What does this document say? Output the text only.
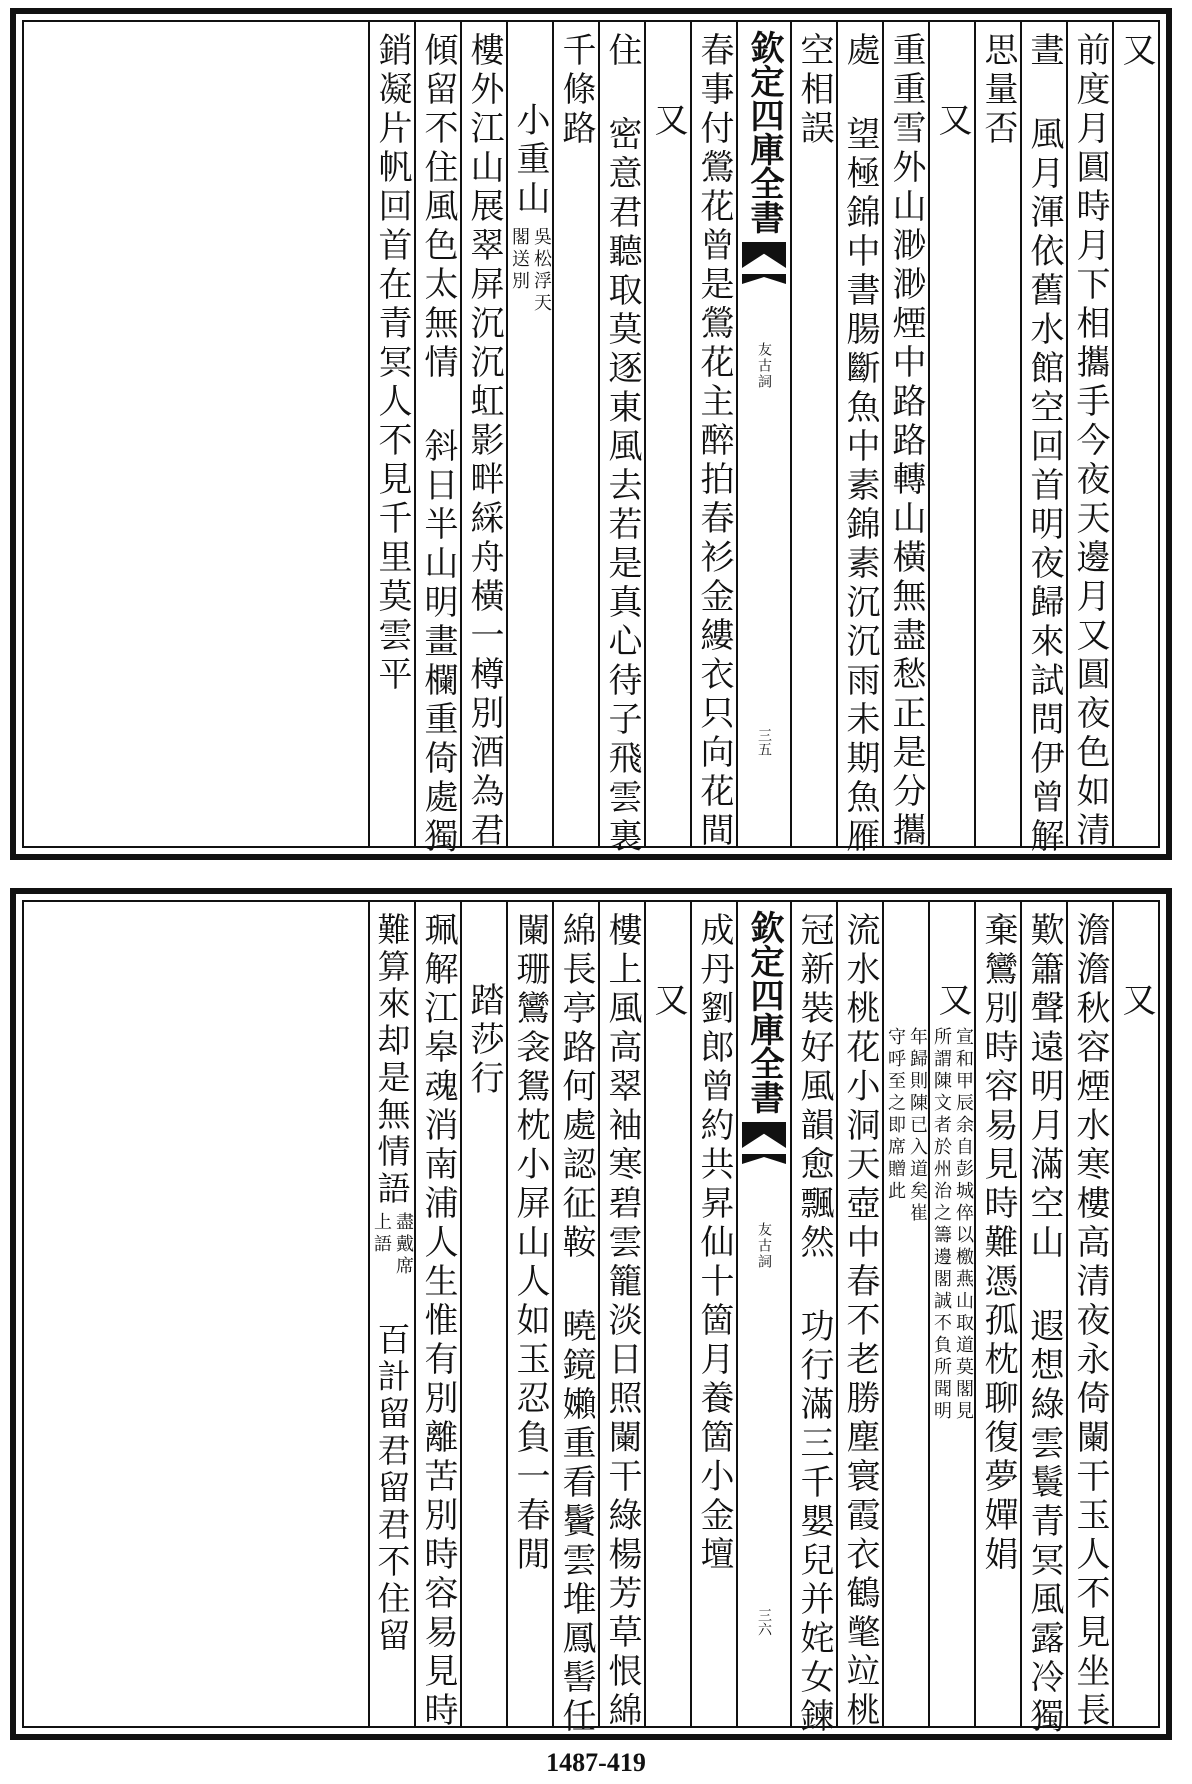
又
前度月圓時月下相攜手今夜天邊月又圓夜色如清
晝 風月渾依舊水館空回首明夜歸來試問伊曾解
思量否
又
重重雪外山渺渺煙中路路轉山橫無盡愁正是分攜
處 望極錦中書腸斷魚中素錦素沉沉雨未期魚雁
空相誤
欽定四庫全書
友古詞
三五
春事付鶯花曾是鶯花主醉拍春衫金縷衣只向花間
又
住 密意君聽取莫逐東風去若是真心待子飛雲裏
千條路
小重山
閣送別 吳松浮天
樓外江山展翠屏沉沉虹影畔綵舟橫一樽別酒為君
傾留不住風色太無情 斜日半山明畫欄重倚處獨
銷凝片帆回首在青冥人不見千里莫雲平
又
澹澹秋容煙水寒樓高清夜永倚闌干玉人不見坐長
歎簫聲遠明月滿空山 遐想綠雲鬟青冥風露冷獨
棄鸞別時容易見時難憑孤枕聊復夢嬋娟
又
所謂陳文者於州治之籌邊閣誠不負所聞明 宣和甲辰余自彭城倅以檄燕山取道莫閣見
守呼至之即席贈此 年歸則陳已入道矣崔
流水桃花小洞天壺中春不老勝塵寰霞衣鶴氅竝桃
冠新裝好風韻愈飄然 功行滿三千嬰兒并姹女鍊
欽定四庫全書
友古詞
三六
成丹劉郎曾約共昇仙十箇月養箇小金壇
又
樓上風高翠袖寒碧雲籠淡日照闌干綠楊芳草恨綿
綿長亭路何處認征鞍 曉鏡嬾重看鬢雲堆鳳髻任
闌珊鸞衾鴛枕小屏山人如玉忍負一春閒
踏莎行
珮解江皋魂消南浦人生惟有別離苦別時容易見時
難算來却是無情語
上語 盡戴席
百計留君留君不住留
1487-419
